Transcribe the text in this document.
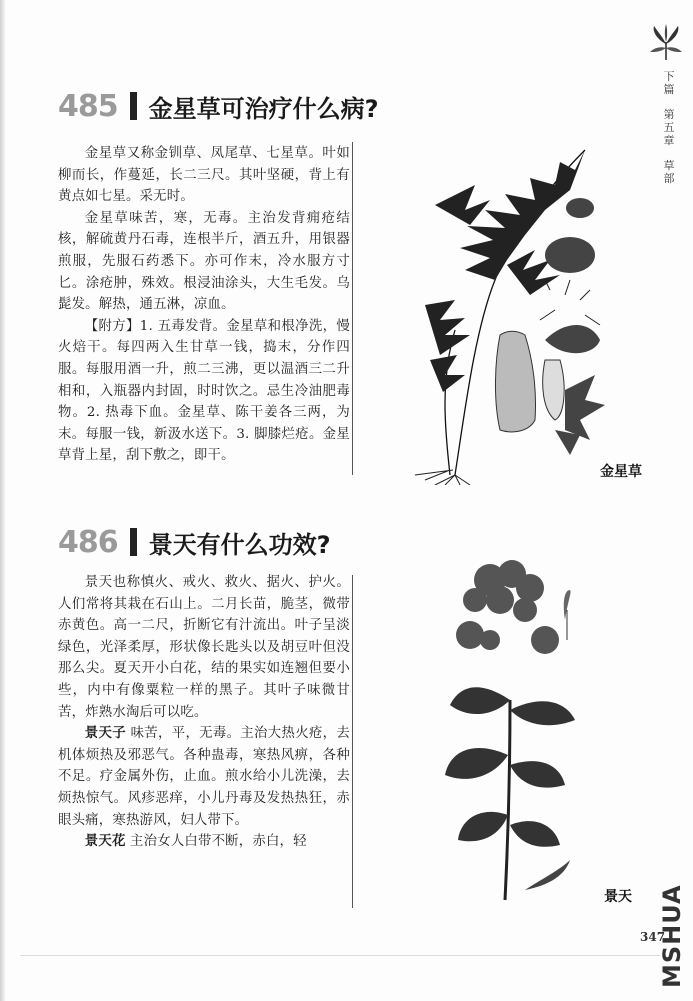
下
篇
第
五
章
草
部
485 金星草可治疗什么病?

金星草又称金钏草、凤尾草、七星草。叶如柳而长，作蔓延，长二三尺。其叶坚硬，背上有黄点如七星。采无时。

金星草味苦，寒，无毒。主治发背痈疮结核，解硫黄丹石毒，连根半斤，酒五升，用银器煎服，先服石药悉下。亦可作末，冷水服方寸匕。涂疮肿，殊效。根浸油涂头，大生毛发。乌髭发。解热，通五淋，凉血。

【附方】1. 五毒发背。金星草和根净洗，慢火焙干。每四两入生甘草一钱，捣末，分作四服。每服用酒一升，煎二三沸，更以温酒三二升相和，入瓶器内封固，时时饮之。忌生冷油肥毒物。2. 热毒下血。金星草、陈干姜各三两，为末。每服一钱，新汲水送下。3. 脚膝烂疮。金星草背上星，刮下敷之，即干。

金星草
486 景天有什么功效?

景天也称慎火、戒火、救火、据火、护火。人们常将其栽在石山上。二月长苗，脆茎，微带赤黄色。高一二尺，折断它有汁流出。叶子呈淡绿色，光泽柔厚，形状像长匙头以及胡豆叶但没那么尖。夏天开小白花，结的果实如连翘但要小些，内中有像粟粒一样的黑子。其叶子味微甘苦，炸熟水淘后可以吃。

景天子 味苦，平，无毒。主治大热火疮，去机体烦热及邪恶气。各种蛊毒，寒热风痹，各种不足。疗金属外伤，止血。煎水给小儿洗澡，去烦热惊气。风疹恶痒，小儿丹毒及发热热狂，赤眼头痛，寒热游风，妇人带下。

景天花 主治女人白带不断，赤白，轻

景天
347
MSHUA
